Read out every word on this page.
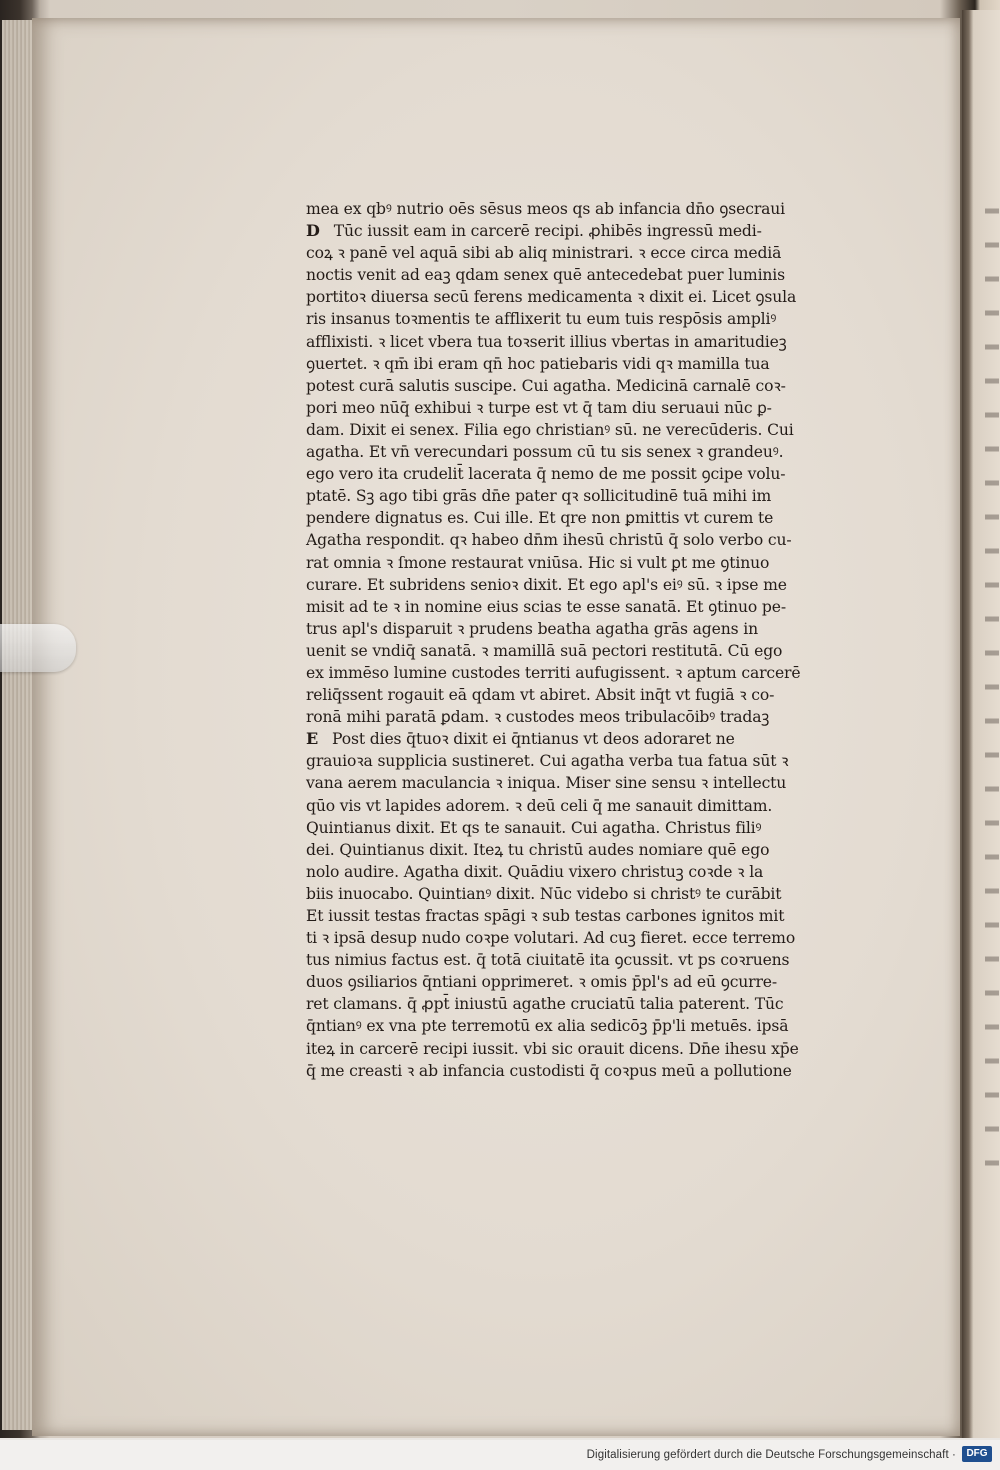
mea ex qbꝰ nutrio oēs sēsus meos qs ab infancia dn̄o ꝯsecraui
D Tūc iussit eam in carcerē recipi. ꝓhibēs ingressū medi-
coꝝ ꝛ panē vel aquā sibi ab aliq ministrari. ꝛ ecce circa mediā
noctis venit ad eaꝫ qdam senex quē antecedebat puer luminis
portitoꝛ diuersa secū ferens medicamenta ꝛ dixit ei. Licet ꝯsula
ris insanus toꝛmentis te afflixerit tu eum tuis respōsis ampliꝰ
afflixisti. ꝛ licet vbera tua toꝛserit illius vbertas in amaritudieꝫ
ꝯuertet. ꝛ qm̄ ibi eram qn̄ hoc patiebaris vidi qꝛ mamilla tua
potest curā salutis suscipe. Cui agatha. Medicinā carnalē coꝛ-
pori meo nūq̄ exhibui ꝛ turpe est vt q̄ tam diu seruaui nūc ꝑ-
dam. Dixit ei senex. Filia ego christianꝰ sū. ne verecūderis. Cui
agatha. Et vn̄ verecundari possum cū tu sis senex ꝛ grandeuꝰ.
ego vero ita crudelit̄ lacerata q̄ nemo de me possit ꝯcipe volu-
ptatē. Sꝫ ago tibi grās dn̄e pater qꝛ sollicitudinē tuā mihi im
pendere dignatus es. Cui ille. Et qre non ꝑmittis vt curem te
Agatha respondit. qꝛ habeo dn̄m ihesū christū q̄ solo verbo cu-
rat omnia ꝛ ſmone restaurat vniūsa. Hic si vult ꝑt me ꝯtinuo
curare. Et subridens senioꝛ dixit. Et ego apl's eiꝰ sū. ꝛ ipse me
misit ad te ꝛ in nomine eius scias te esse sanatā. Et ꝯtinuo pe-
trus apl's disparuit ꝛ prudens beatha agatha grās agens in
uenit se vndiq̄ sanatā. ꝛ mamillā suā pectori restitutā. Cū ego
ex immēso lumine custodes territi aufugissent. ꝛ aptum carcerē
reliq̄ssent rogauit eā qdam vt abiret. Absit inq̄t vt fugiā ꝛ co-
ronā mihi paratā ꝑdam. ꝛ custodes meos tribulacōibꝰ tradaꝫ
E Post dies q̄tuoꝛ dixit ei q̄ntianus vt deos adoraret ne
grauioꝛa supplicia sustineret. Cui agatha verba tua fatua sūt ꝛ
vana aerem maculancia ꝛ iniqua. Miser sine sensu ꝛ intellectu
qūo vis vt lapides adorem. ꝛ deū celi q̄ me sanauit dimittam.
Quintianus dixit. Et qs te sanauit. Cui agatha. Christus filiꝰ
dei. Quintianus dixit. Iteꝝ tu christū audes nomiare quē ego
nolo audire. Agatha dixit. Quādiu vixero christuꝫ coꝛde ꝛ la
biis inuocabo. Quintianꝰ dixit. Nūc videbo si christꝰ te curābit
Et iussit testas fractas spāgi ꝛ sub testas carbones ignitos mit
ti ꝛ ipsā desup nudo coꝛpe volutari. Ad cuꝫ fieret. ecce terremo
tus nimius factus est. q̄ totā ciuitatē ita ꝯcussit. vt ps coꝛruens
duos ꝯsiliarios q̄ntiani opprimeret. ꝛ omis p̄pl's ad eū ꝯcurre-
ret clamans. q̄ ꝓpt̄ iniustū agathe cruciatū talia paterent. Tūc
q̄ntianꝰ ex vna pte terremotū ex alia sedicōꝫ p̄p'li metuēs. ipsā
iteꝝ in carcerē recipi iussit. vbi sic orauit dicens. Dn̄e ihesu xp̄e
q̄ me creasti ꝛ ab infancia custodisti q̄ coꝛpus meū a pollutione
Digitalisierung gefördert durch die Deutsche Forschungsgemeinschaft ·	DFG
